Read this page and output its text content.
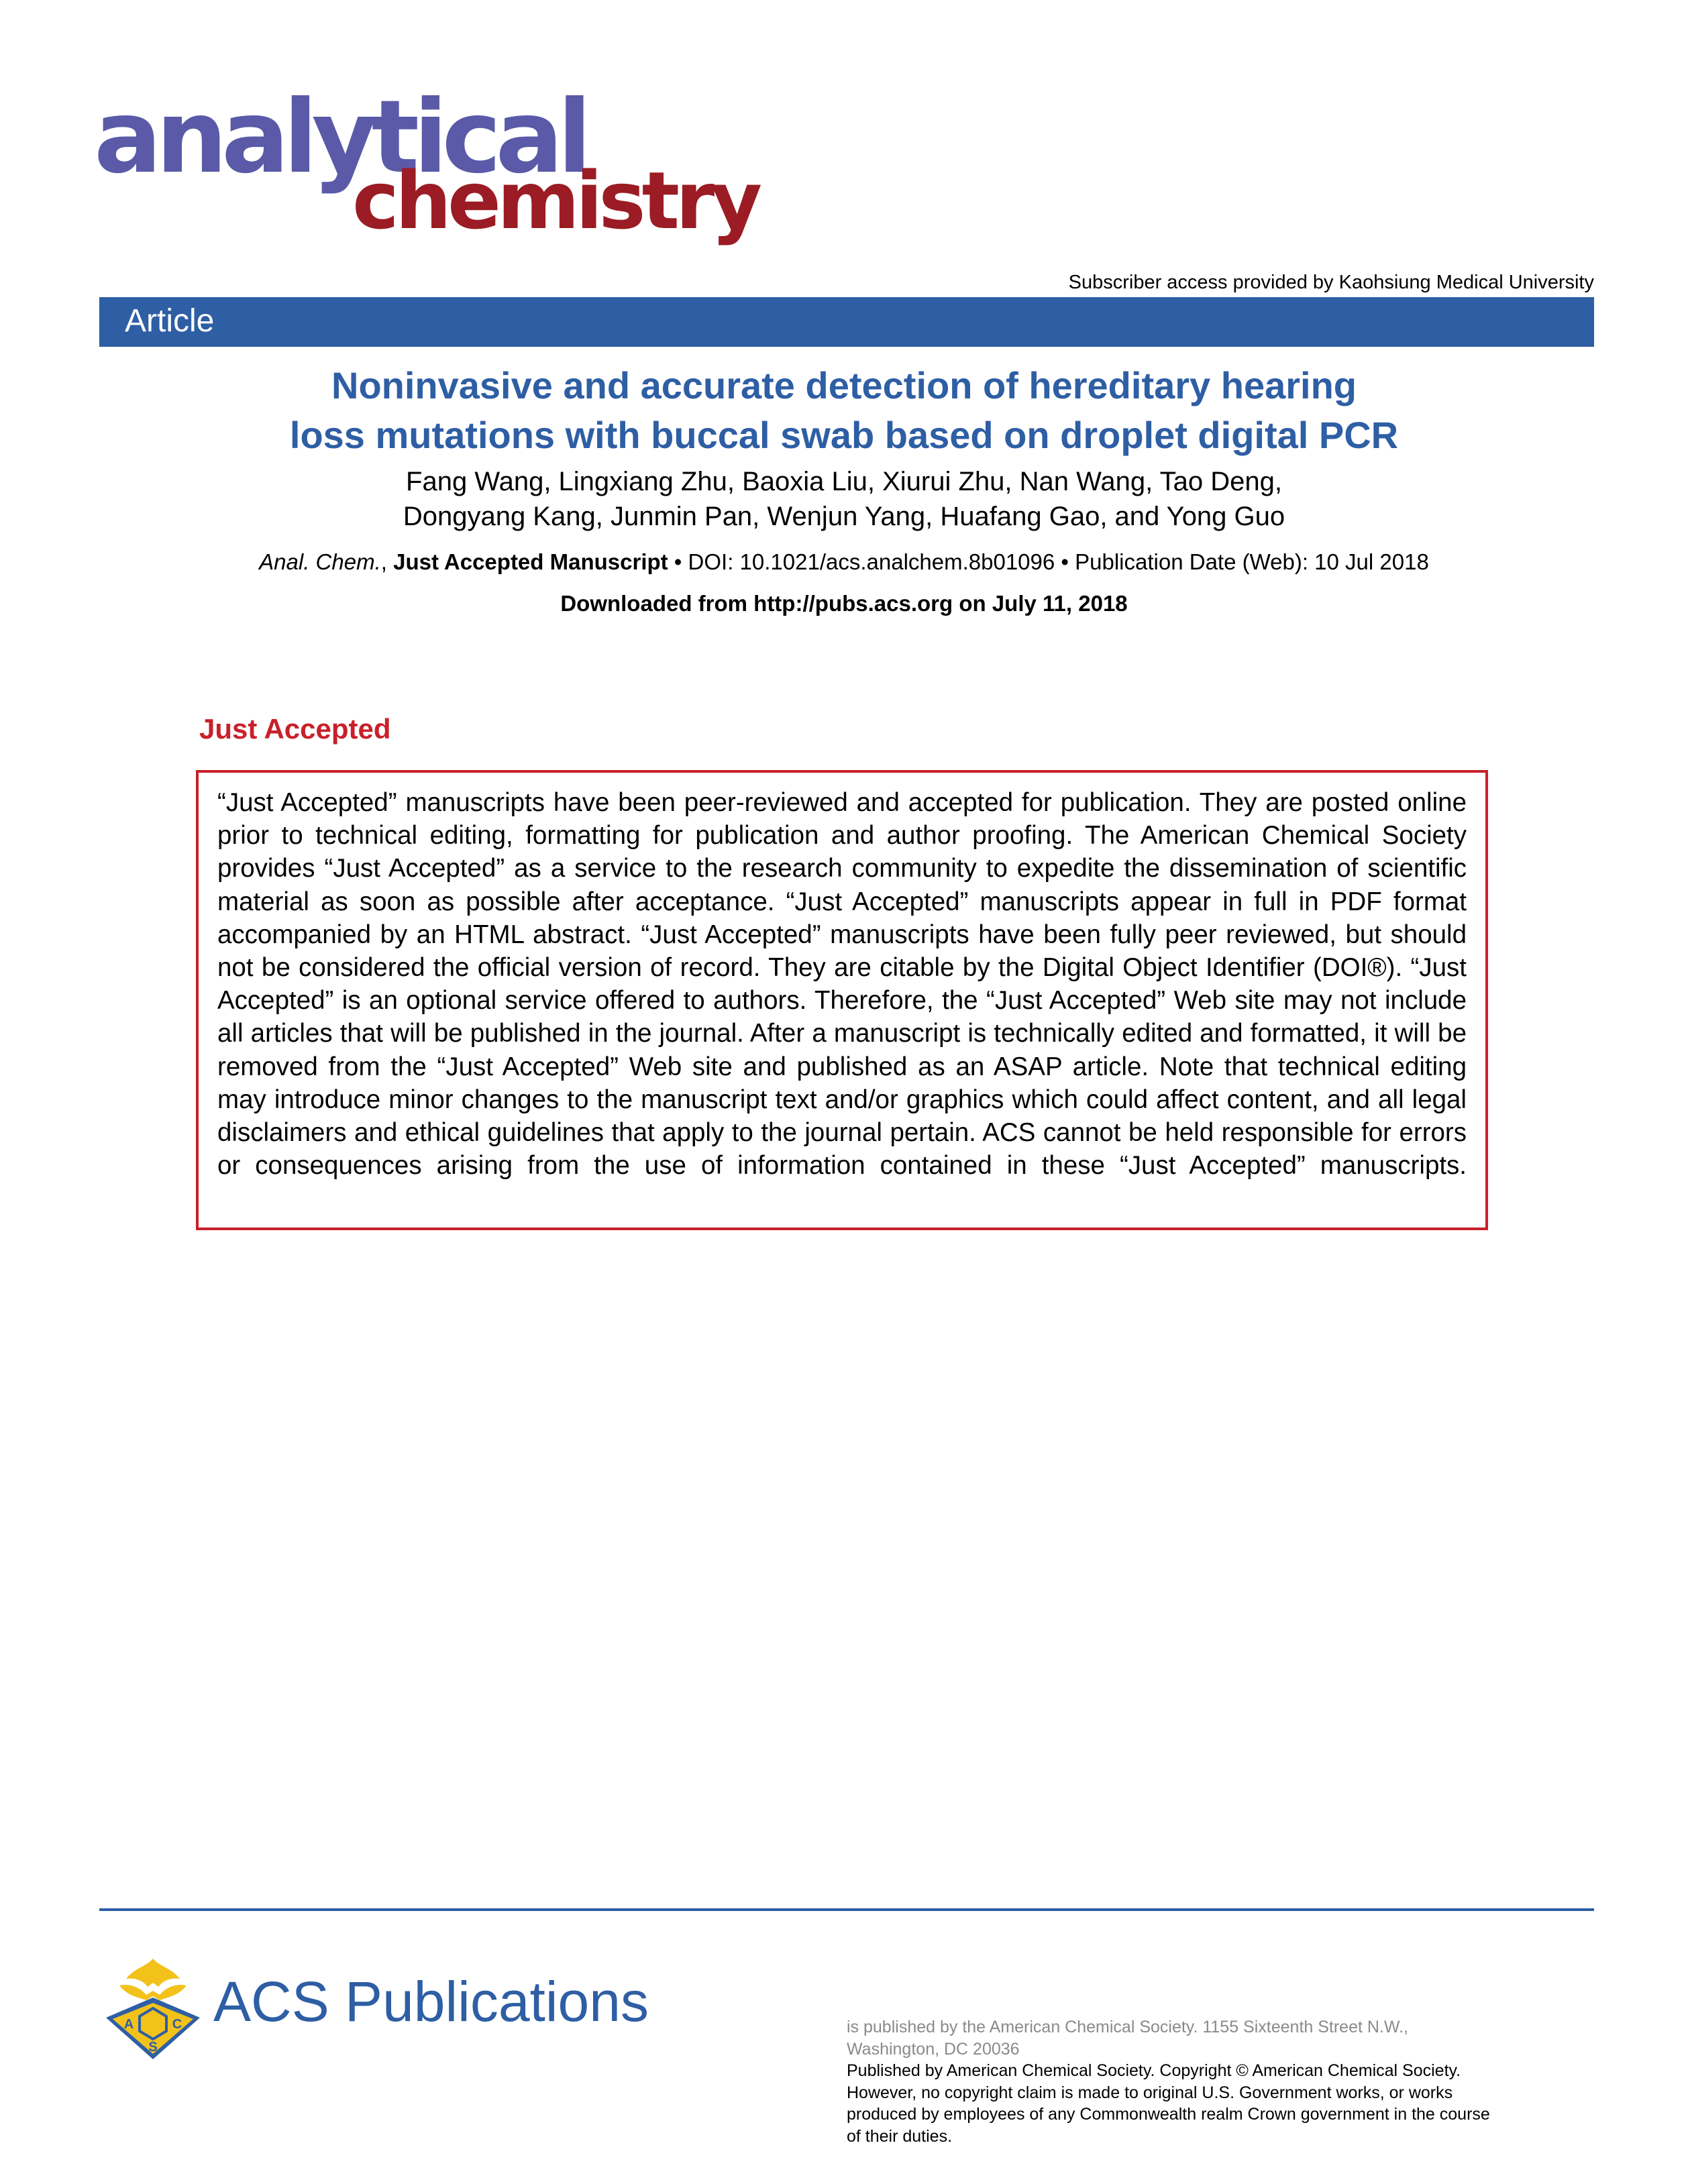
analytical
chemistry
Subscriber access provided by Kaohsiung Medical University
Article
Noninvasive and accurate detection of hereditary hearing
loss mutations with buccal swab based on droplet digital PCR
Fang Wang, Lingxiang Zhu, Baoxia Liu, Xiurui Zhu, Nan Wang, Tao Deng,
Dongyang Kang, Junmin Pan, Wenjun Yang, Huafang Gao, and Yong Guo
Anal. Chem., Just Accepted Manuscript • DOI: 10.1021/acs.analchem.8b01096 • Publication Date (Web): 10 Jul 2018
Downloaded from http://pubs.acs.org on July 11, 2018
Just Accepted

“Just Accepted” manuscripts have been peer-reviewed and accepted for publication. They are posted online prior to technical editing, formatting for publication and author proofing. The American Chemical Society provides “Just Accepted” as a service to the research community to expedite the dissemination of scientific material as soon as possible after acceptance. “Just Accepted” manuscripts appear in full in PDF format accompanied by an HTML abstract. “Just Accepted” manuscripts have been fully peer reviewed, but should not be considered the official version of record. They are citable by the Digital Object Identifier (DOI®). “Just Accepted” is an optional service offered to authors. Therefore, the “Just Accepted” Web site may not include all articles that will be published in the journal. After a manuscript is technically edited and formatted, it will be removed from the “Just Accepted” Web site and published as an ASAP article. Note that technical editing may introduce minor changes to the manuscript text and/or graphics which could affect content, and all legal disclaimers and ethical guidelines that apply to the journal pertain. ACS cannot be held responsible for errors or consequences arising from the use of information contained in these “Just Accepted” manuscripts.

A	C
S
ACS Publications	is published by the American Chemical Society. 1155 Sixteenth Street N.W.,
Washington, DC 20036
Published by American Chemical Society. Copyright © American Chemical Society.
However, no copyright claim is made to original U.S. Government works, or works
produced by employees of any Commonwealth realm Crown government in the course
of their duties.
